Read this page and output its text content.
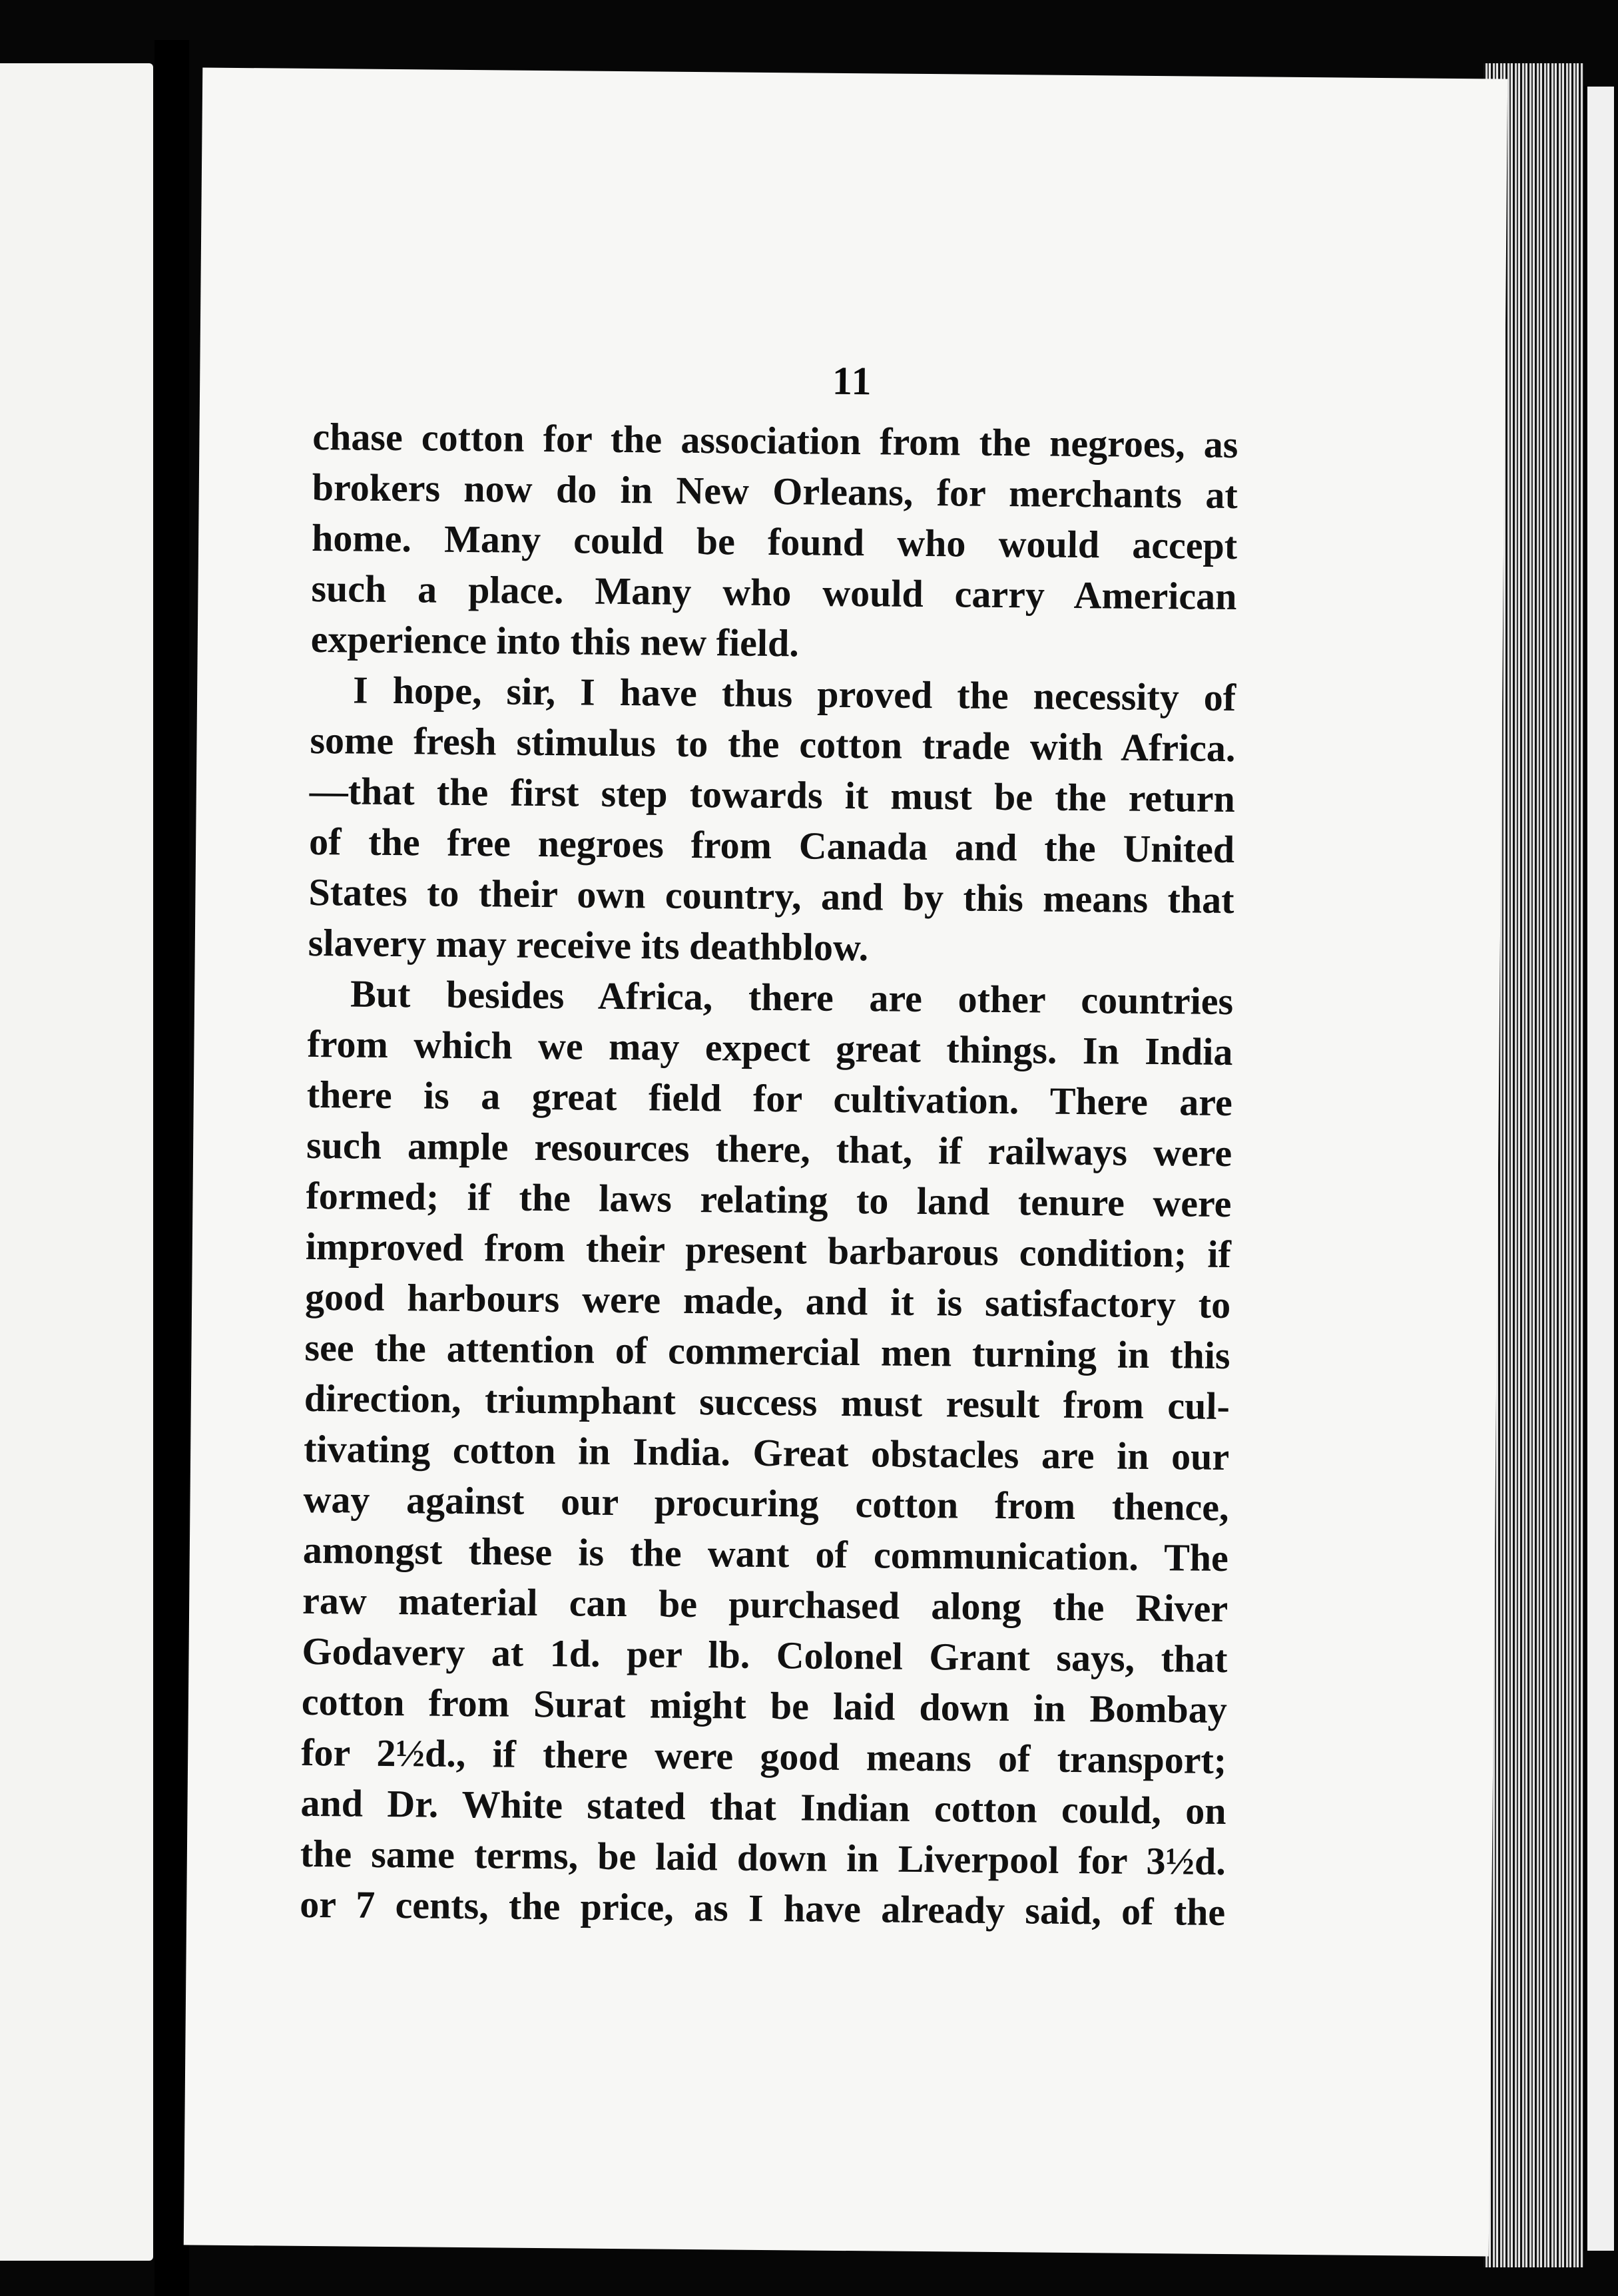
11
chase cotton for the association from the negroes, as
brokers now do in New Orleans, for merchants at
home. Many could be found who would accept
such a place. Many who would carry American
experience into this new field.
I hope, sir, I have thus proved the necessity of
some fresh stimulus to the cotton trade with Africa.
—that the first step towards it must be the return
of the free negroes from Canada and the United
States to their own country, and by this means that
slavery may receive its deathblow.
But besides Africa, there are other countries
from which we may expect great things. In India
there is a great field for cultivation. There are
such ample resources there, that, if railways were
formed; if the laws relating to land tenure were
improved from their present barbarous condition; if
good harbours were made, and it is satisfactory to
see the attention of commercial men turning in this
direction, triumphant success must result from cul-
tivating cotton in India. Great obstacles are in our
way against our procuring cotton from thence,
amongst these is the want of communication. The
raw material can be purchased along the River
Godavery at 1d. per lb. Colonel Grant says, that
cotton from Surat might be laid down in Bombay
for 2½d., if there were good means of transport;
and Dr. White stated that Indian cotton could, on
the same terms, be laid down in Liverpool for 3½d.
or 7 cents, the price, as I have already said, of the
